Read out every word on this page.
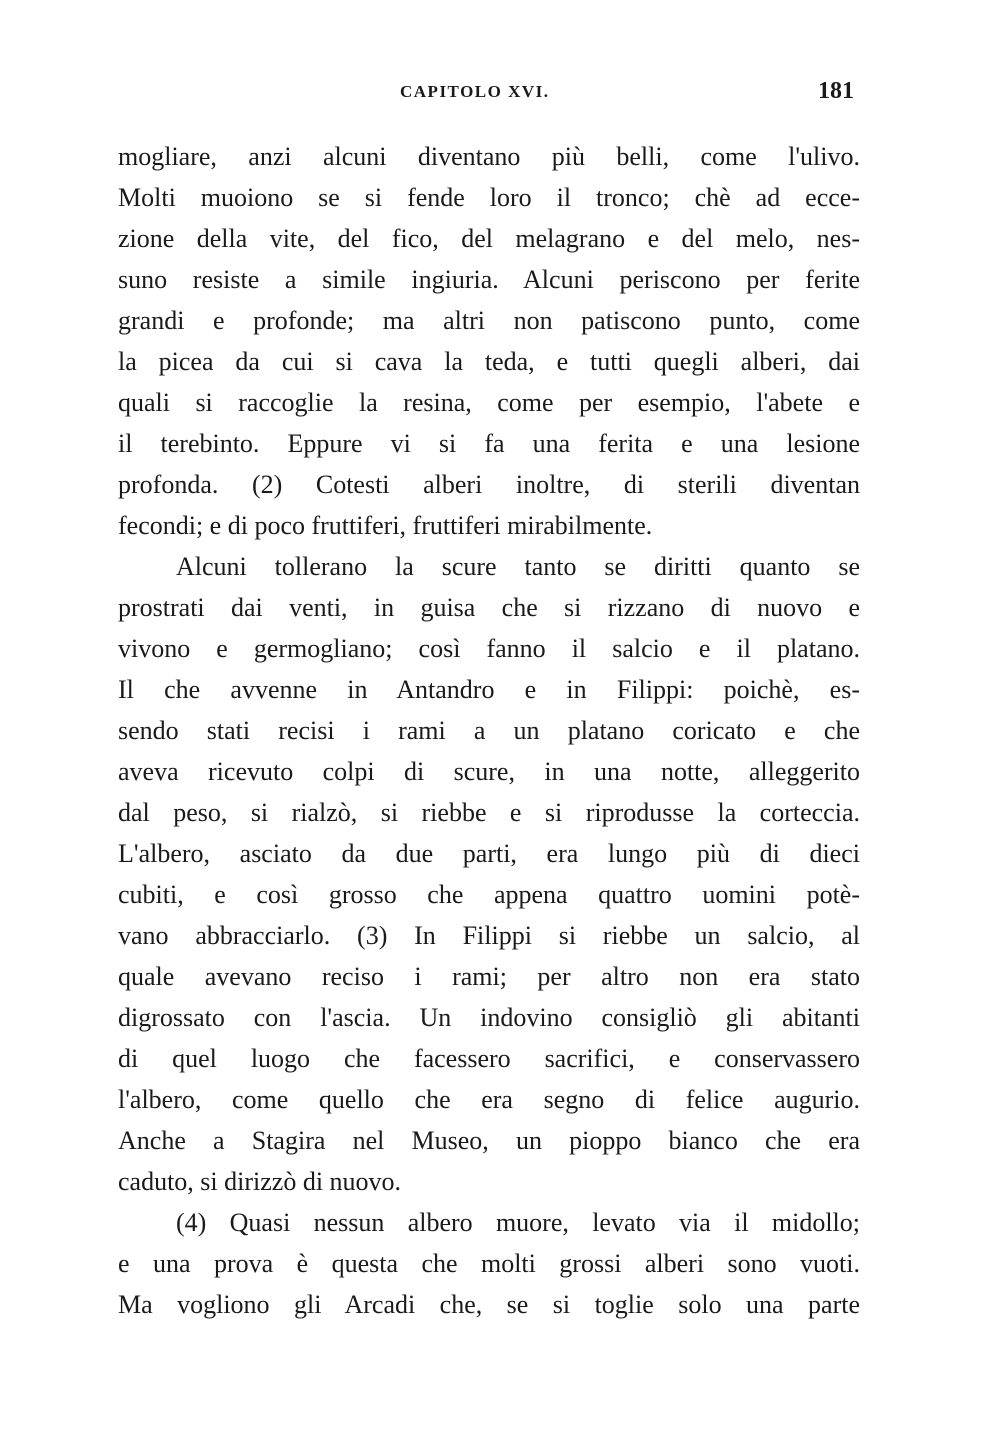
CAPITOLO XVI.	181
mogliare, anzi alcuni diventano più belli, come l'ulivo.
Molti muoiono se si fende loro il tronco; chè ad ecce-
zione della vite, del fico, del melagrano e del melo, nes-
suno resiste a simile ingiuria. Alcuni periscono per ferite
grandi e profonde; ma altri non patiscono punto, come
la picea da cui si cava la teda, e tutti quegli alberi, dai
quali si raccoglie la resina, come per esempio, l'abete e
il terebinto. Eppure vi si fa una ferita e una lesione
profonda. (2) Cotesti alberi inoltre, di sterili diventan
fecondi; e di poco fruttiferi, fruttiferi mirabilmente.
Alcuni tollerano la scure tanto se diritti quanto se
prostrati dai venti, in guisa che si rizzano di nuovo e
vivono e germogliano; così fanno il salcio e il platano.
Il che avvenne in Antandro e in Filippi: poichè, es-
sendo stati recisi i rami a un platano coricato e che
aveva ricevuto colpi di scure, in una notte, alleggerito
dal peso, si rialzò, si riebbe e si riprodusse la corteccia.
L'albero, asciato da due parti, era lungo più di dieci
cubiti, e così grosso che appena quattro uomini potè-
vano abbracciarlo. (3) In Filippi si riebbe un salcio, al
quale avevano reciso i rami; per altro non era stato
digrossato con l'ascia. Un indovino consigliò gli abitanti
di quel luogo che facessero sacrifici, e conservassero
l'albero, come quello che era segno di felice augurio.
Anche a Stagira nel Museo, un pioppo bianco che era
caduto, si dirizzò di nuovo.
(4) Quasi nessun albero muore, levato via il midollo;
e una prova è questa che molti grossi alberi sono vuoti.
Ma vogliono gli Arcadi che, se si toglie solo una parte
